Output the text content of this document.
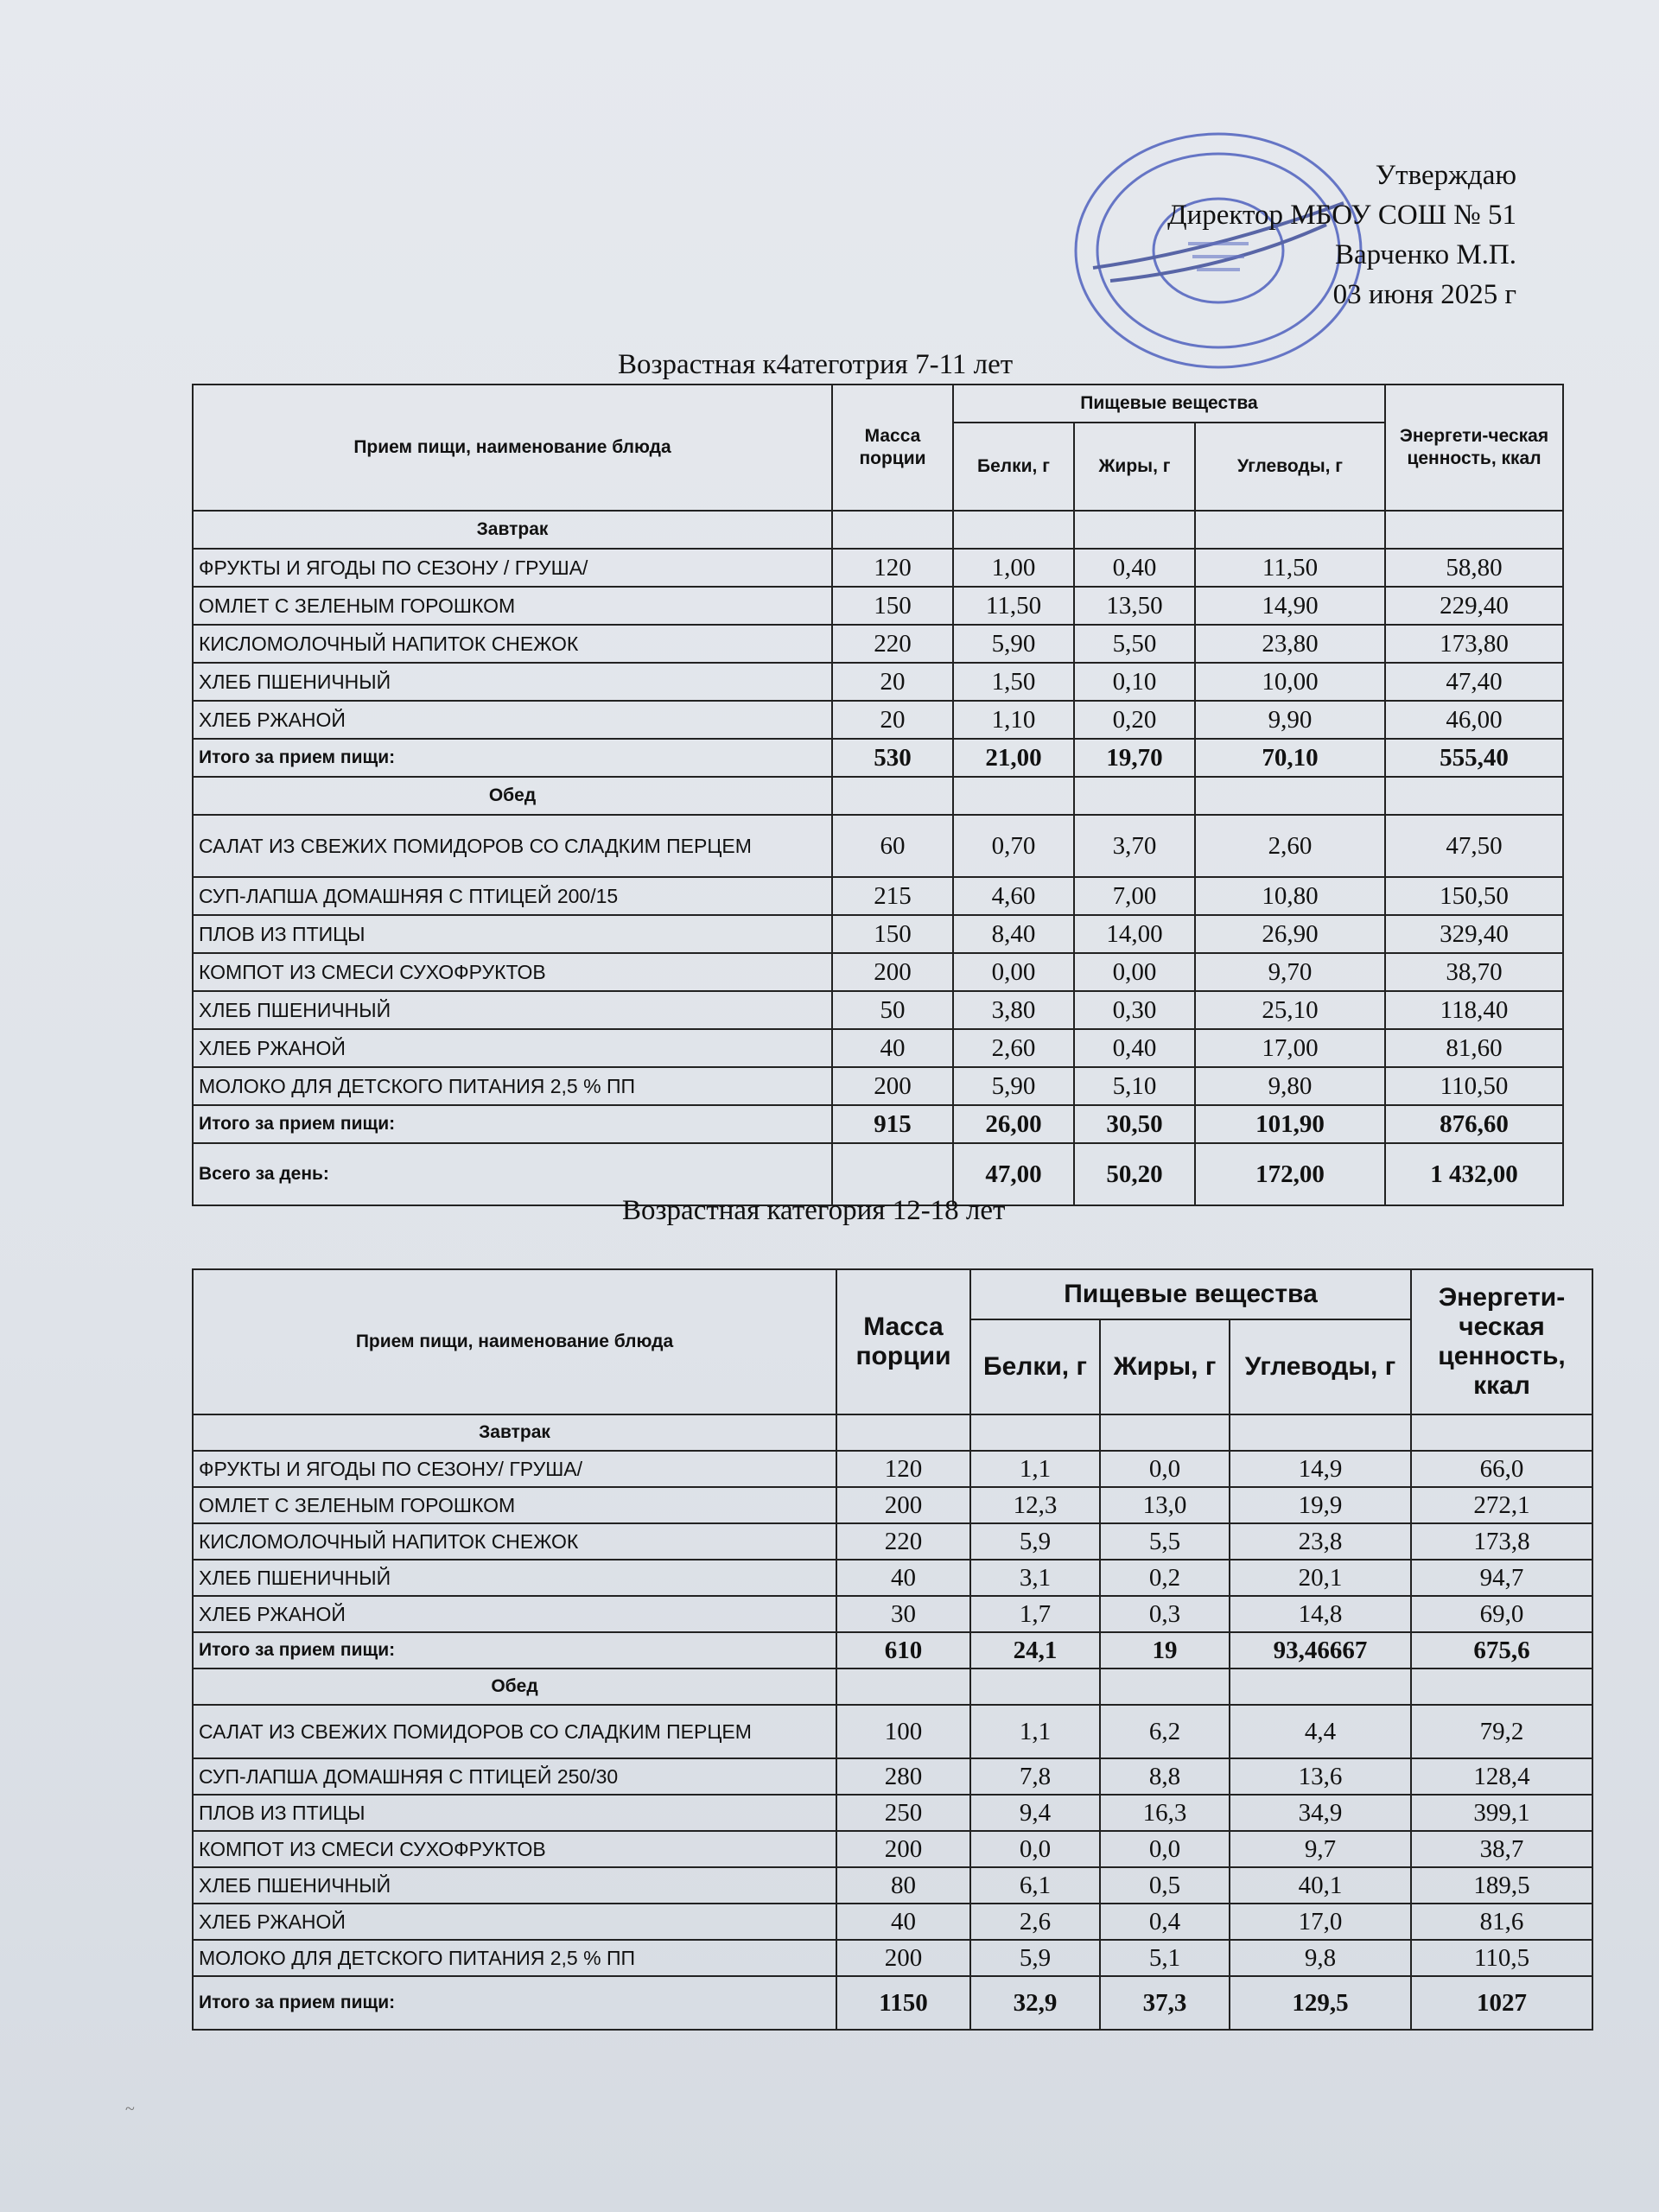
Утверждаю
Директор МБОУ СОШ № 51
Варченко М.П.
03 июня 2025 г
Возрастная к4атеготрия 7-11 лет
Прием пищи, наименование блюда	Масса порции	Пищевые вещества			Энергети-ческая ценность, ккал
		Белки, г	Жиры, г	Углеводы, г	
Завтрак					
ФРУКТЫ И ЯГОДЫ ПО СЕЗОНУ / ГРУША/	120	1,00	0,40	11,50	58,80
ОМЛЕТ С ЗЕЛЕНЫМ ГОРОШКОМ	150	11,50	13,50	14,90	229,40
КИСЛОМОЛОЧНЫЙ НАПИТОК СНЕЖОК	220	5,90	5,50	23,80	173,80
ХЛЕБ ПШЕНИЧНЫЙ	20	1,50	0,10	10,00	47,40
ХЛЕБ РЖАНОЙ	20	1,10	0,20	9,90	46,00
Итого за прием пищи:	530	21,00	19,70	70,10	555,40
Обед					
САЛАТ ИЗ СВЕЖИХ ПОМИДОРОВ СО СЛАДКИМ ПЕРЦЕМ	60	0,70	3,70	2,60	47,50
СУП-ЛАПША ДОМАШНЯЯ С ПТИЦЕЙ 200/15	215	4,60	7,00	10,80	150,50
ПЛОВ ИЗ ПТИЦЫ	150	8,40	14,00	26,90	329,40
КОМПОТ ИЗ СМЕСИ СУХОФРУКТОВ	200	0,00	0,00	9,70	38,70
ХЛЕБ ПШЕНИЧНЫЙ	50	3,80	0,30	25,10	118,40
ХЛЕБ РЖАНОЙ	40	2,60	0,40	17,00	81,60
МОЛОКО ДЛЯ ДЕТСКОГО ПИТАНИЯ 2,5 % ПП	200	5,90	5,10	9,80	110,50
Итого за прием пищи:	915	26,00	30,50	101,90	876,60
Всего за день:		47,00	50,20	172,00	1 432,00
Возрастная категория 12-18 лет
Прием пищи, наименование блюда	Масса порции	Пищевые вещества			Энергети-ческая ценность, ккал
		Белки, г	Жиры, г	Углеводы, г	
Завтрак					
ФРУКТЫ И ЯГОДЫ ПО СЕЗОНУ/ ГРУША/	120	1,1	0,0	14,9	66,0
ОМЛЕТ С ЗЕЛЕНЫМ ГОРОШКОМ	200	12,3	13,0	19,9	272,1
КИСЛОМОЛОЧНЫЙ НАПИТОК СНЕЖОК	220	5,9	5,5	23,8	173,8
ХЛЕБ ПШЕНИЧНЫЙ	40	3,1	0,2	20,1	94,7
ХЛЕБ РЖАНОЙ	30	1,7	0,3	14,8	69,0
Итого за прием пищи:	610	24,1	19	93,46667	675,6
Обед					
САЛАТ ИЗ СВЕЖИХ ПОМИДОРОВ СО СЛАДКИМ ПЕРЦЕМ	100	1,1	6,2	4,4	79,2
СУП-ЛАПША ДОМАШНЯЯ С ПТИЦЕЙ 250/30	280	7,8	8,8	13,6	128,4
ПЛОВ ИЗ ПТИЦЫ	250	9,4	16,3	34,9	399,1
КОМПОТ ИЗ СМЕСИ СУХОФРУКТОВ	200	0,0	0,0	9,7	38,7
ХЛЕБ ПШЕНИЧНЫЙ	80	6,1	0,5	40,1	189,5
ХЛЕБ РЖАНОЙ	40	2,6	0,4	17,0	81,6
МОЛОКО ДЛЯ ДЕТСКОГО ПИТАНИЯ 2,5 % ПП	200	5,9	5,1	9,8	110,5
Итого за прием пищи:	1150	32,9	37,3	129,5	1027
~
